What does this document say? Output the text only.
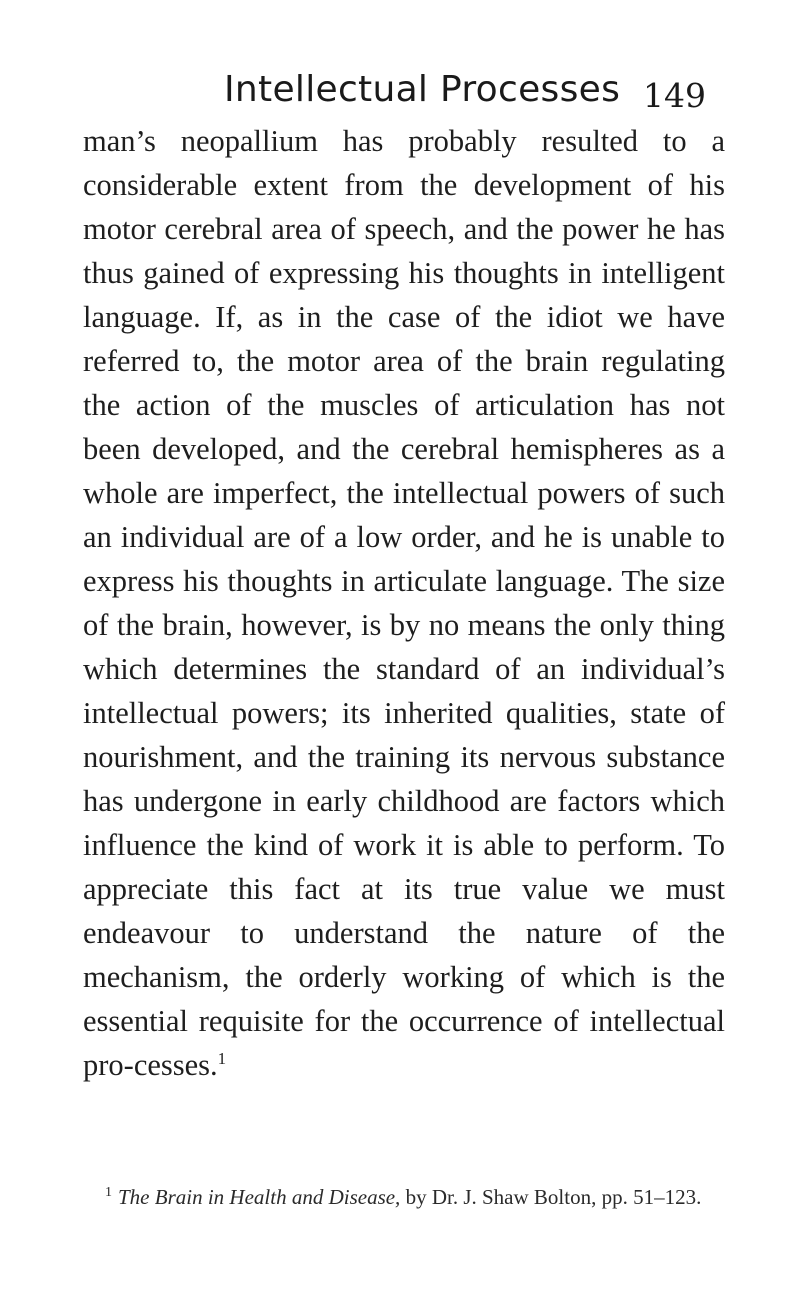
Intellectual Processes 149

man’s neopallium has probably resulted to a considerable extent from the development of his motor cerebral area of speech, and the power he has thus gained of expressing his thoughts in intelligent language. If, as in the case of the idiot we have referred to, the motor area of the brain regulating the action of the muscles of articulation has not been developed, and the cerebral hemispheres as a whole are imperfect, the intellectual powers of such an individual are of a low order, and he is unable to express his thoughts in articulate language. The size of the brain, however, is by no means the only thing which determines the standard of an individual’s intellectual powers; its inherited qualities, state of nourishment, and the training its nervous substance has undergone in early childhood are factors which influence the kind of work it is able to perform. To appreciate this fact at its true value we must endeavour to understand the nature of the mechanism, the orderly working of which is the essential requisite for the occurrence of intellectual pro-cesses.$^1$

$^1$ The Brain in Health and Disease, by Dr. J. Shaw Bolton, pp. 51–123.
